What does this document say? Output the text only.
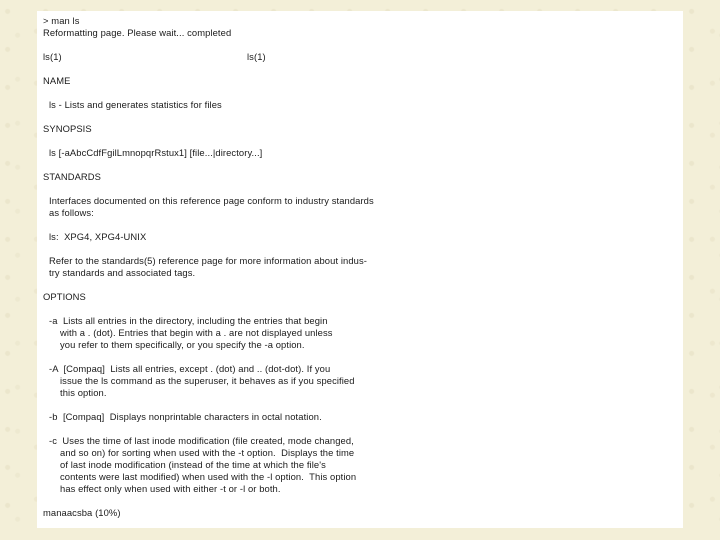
> man ls
Reformatting page. Please wait... completed
ls(1)	ls(1)
NAME
ls - Lists and generates statistics for files
SYNOPSIS
ls [-aAbcCdfFgilLmnopqrRstux1] [file...|directory...]
STANDARDS
Interfaces documented on this reference page conform to industry standards
as follows:
ls:  XPG4, XPG4-UNIX
Refer to the standards(5) reference page for more information about indus-
try standards and associated tags.
OPTIONS
-a  Lists all entries in the directory, including the entries that begin
with a . (dot). Entries that begin with a . are not displayed unless
you refer to them specifically, or you specify the -a option.
-A  [Compaq]  Lists all entries, except . (dot) and .. (dot-dot). If you
issue the ls command as the superuser, it behaves as if you specified
this option.
-b  [Compaq]  Displays nonprintable characters in octal notation.
-c  Uses the time of last inode modification (file created, mode changed,
and so on) for sorting when used with the -t option.  Displays the time
of last inode modification (instead of the time at which the file's
contents were last modified) when used with the -l option.  This option
has effect only when used with either -t or -l or both.
manaacsba (10%)
